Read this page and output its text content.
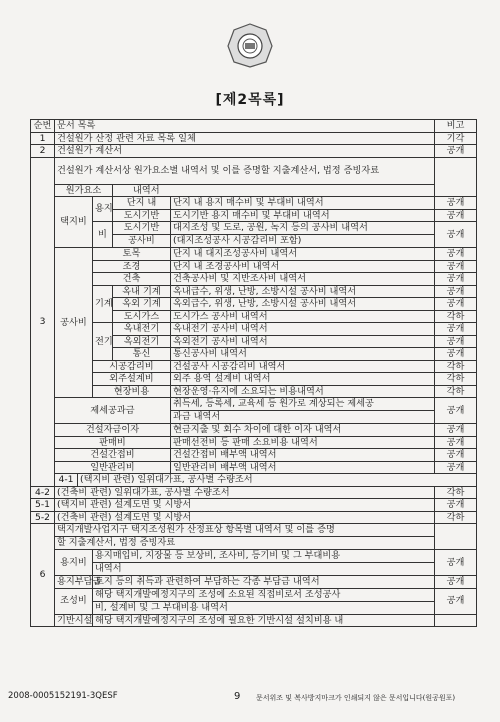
[제2목록]
순번	문서 목록					비고	
1	건설원가 산정 관련 자료 목록 일체					기각	
2	건설원가 계산서					공개	
3	건설원가 계산서상 원가요소별 내역서 및 이를 증명할 지출계산서, 법정 증빙자료						
	원가요소			내역서			
	택지비		용지	단지 내	단지 내 용지 매수비 및 부대비 내역서	공개	
				도시기반	도시기반 용지 매수비 및 부대비 내역서	공개	
			비	도시기반	대지조성 및 도로, 공원, 녹지 등의 공사비 내역서	공개	
				공사비	(대지조성공사 시공감리비 포함)		
	공사비		토목		단지 내 대지조성공사비 내역서	공개	
			조경		단지 내 조경공사비 내역서	공개	
			건축		건축공사비 및 지반조사비 내역서	공개	
			기계	옥내 기계	옥내급수, 위생, 난방, 소방시설 공사비 내역서	공개	
				옥외 기계	옥외급수, 위생, 난방, 소방시설 공사비 내역서	공개	
				도시가스	도시가스 공사비 내역서	각하	
			전기	옥내전기	옥내전기 공사비 내역서	공개	
				옥외전기	옥외전기 공사비 내역서	공개	
				통신	통신공사비 내역서	공개	
			시공감리비		건설공사 시공감리비 내역서	각하	
			외주설계비		외주 용역 설계비 내역서	각하	
			현장비용		현장운영·유지에 소요되는 비용내역서	각하	
	제세공과금				취득세, 등록세, 교육세 등 원가로 계상되는 제세공	공개	
					과금 내역서		
	건설자금이자				현금지출 및 회수 차이에 대한 이자 내역서	공개	
	판매비				판매선전비 등 판매 소요비용 내역서	공개	
	건설간접비				건설간접비 배부액 내역서	공개	
	일반관리비				일반관리비 배부액 내역서	공개	
	4-1	(택지비 관련) 일위대가표, 공사별 수량조서	
4-2	(건축비 관련) 일위대가표, 공사별 수량조서					각하	
5-1	(택지비 관련) 설계도면 및 시방서					공개	
5-2	(건축비 관련) 설계도면 및 시방서					각하	
6	택지개발사업지구 택지조성원가 산정표상 항목별 내역서 및 이를 증명						
	할 지출계산서, 법정 증빙자료						
	용지비		용지매입비, 지장물 등 보상비, 조사비, 등기비 및 그 부대비용			공개	
			내역서				
	용지부담금		토지 등의 취득과 관련하여 부담하는 각종 부담금 내역서			공개	
	조성비		해당 택지개발예정지구의 조성에 소요된 직접비로서 조성공사			공개	
			비, 설계비 및 그 부대비용 내역서				
	기반시설		해당 택지개발예정지구의 조성에 필요한 기반시설 설치비용 내				
2008-0005152191-3QESF	9 문서위조 및 복사방지마크가 인쇄되지 않은 문서입니다(원공원포)
